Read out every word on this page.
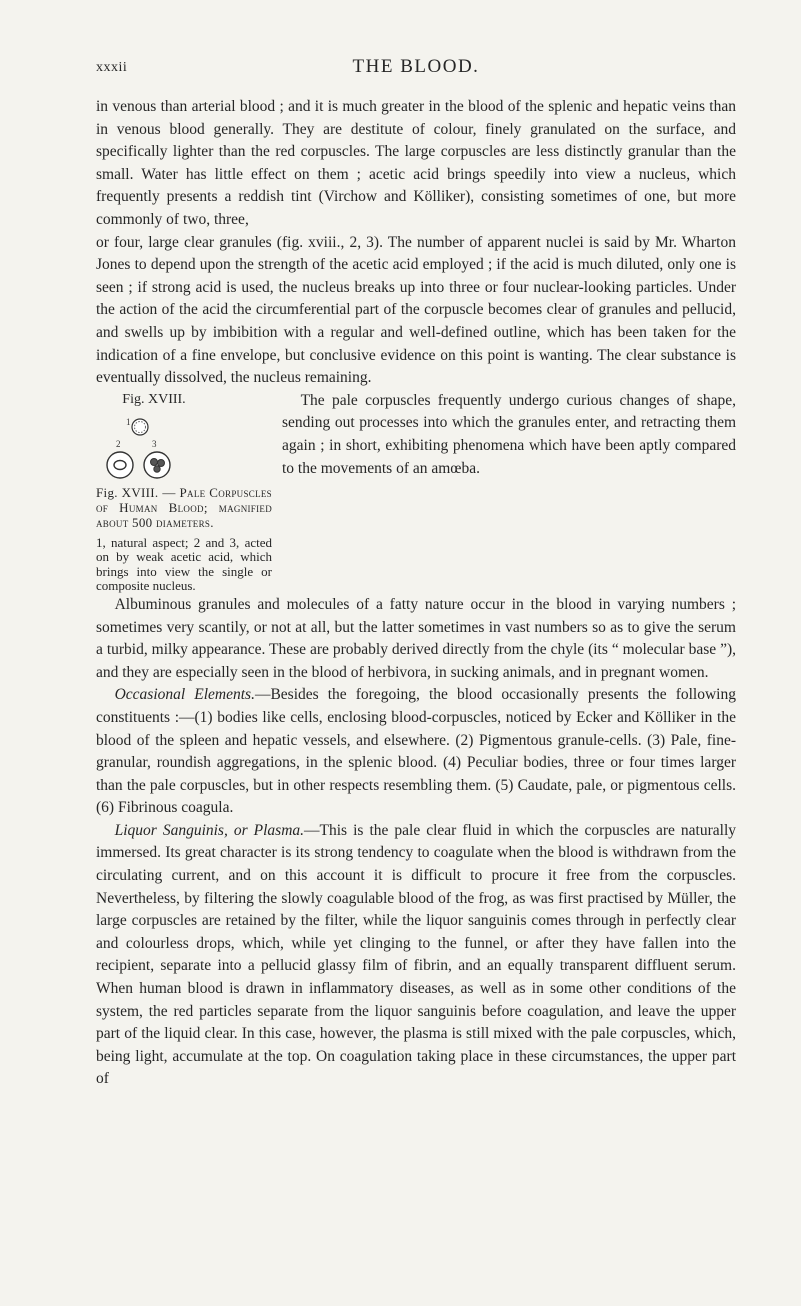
xxxii	THE BLOOD.

in venous than arterial blood ; and it is much greater in the blood of the splenic and hepatic veins than in venous blood generally. They are destitute of colour, finely granulated on the surface, and specifically lighter than the red corpuscles. The large corpuscles are less distinctly granular than the small. Water has little effect on them ; acetic acid brings speedily into view a nucleus, which frequently presents a reddish tint (Virchow and Kölliker), consisting sometimes of one, but more commonly of two, three,

Fig. XVIII.
1
2	3
Fig. XVIII. — Pale Corpuscles of Human Blood; magnified about 500 diameters.
1, natural aspect; 2 and 3, acted on by weak acetic acid, which brings into view the single or composite nucleus.

or four, large clear granules (fig. xviii., 2, 3). The number of apparent nuclei is said by Mr. Wharton Jones to depend upon the strength of the acetic acid employed ; if the acid is much diluted, only one is seen ; if strong acid is used, the nucleus breaks up into three or four nuclear-looking particles. Under the action of the acid the circumferential part of the corpuscle becomes clear of granules and pellucid, and swells up by imbibition with a regular and well-defined outline, which has been taken for the indication of a fine envelope, but conclusive evidence on this point is wanting. The clear substance is eventually dissolved, the nucleus remaining.

The pale corpuscles frequently undergo curious changes of shape, sending out processes into which the granules enter, and retracting them again ; in short, exhibiting phenomena which have been aptly compared to the movements of an amœba.

Albuminous granules and molecules of a fatty nature occur in the blood in varying numbers ; sometimes very scantily, or not at all, but the latter sometimes in vast numbers so as to give the serum a turbid, milky appearance. These are probably derived directly from the chyle (its “ molecular base ”), and they are especially seen in the blood of herbivora, in sucking animals, and in pregnant women.

Occasional Elements.—Besides the foregoing, the blood occasionally presents the following constituents :—(1) bodies like cells, enclosing blood-corpuscles, noticed by Ecker and Kölliker in the blood of the spleen and hepatic vessels, and elsewhere. (2) Pigmentous granule-cells. (3) Pale, fine-granular, roundish aggregations, in the splenic blood. (4) Peculiar bodies, three or four times larger than the pale corpuscles, but in other respects resembling them. (5) Caudate, pale, or pigmentous cells. (6) Fibrinous coagula.

Liquor Sanguinis, or Plasma.—This is the pale clear fluid in which the corpuscles are naturally immersed. Its great character is its strong tendency to coagulate when the blood is withdrawn from the circulating current, and on this account it is difficult to procure it free from the corpuscles. Nevertheless, by filtering the slowly coagulable blood of the frog, as was first practised by Müller, the large corpuscles are retained by the filter, while the liquor sanguinis comes through in perfectly clear and colourless drops, which, while yet clinging to the funnel, or after they have fallen into the recipient, separate into a pellucid glassy film of fibrin, and an equally transparent diffluent serum. When human blood is drawn in inflammatory diseases, as well as in some other conditions of the system, the red particles separate from the liquor sanguinis before coagulation, and leave the upper part of the liquid clear. In this case, however, the plasma is still mixed with the pale corpuscles, which, being light, accumulate at the top. On coagulation taking place in these circumstances, the upper part of
